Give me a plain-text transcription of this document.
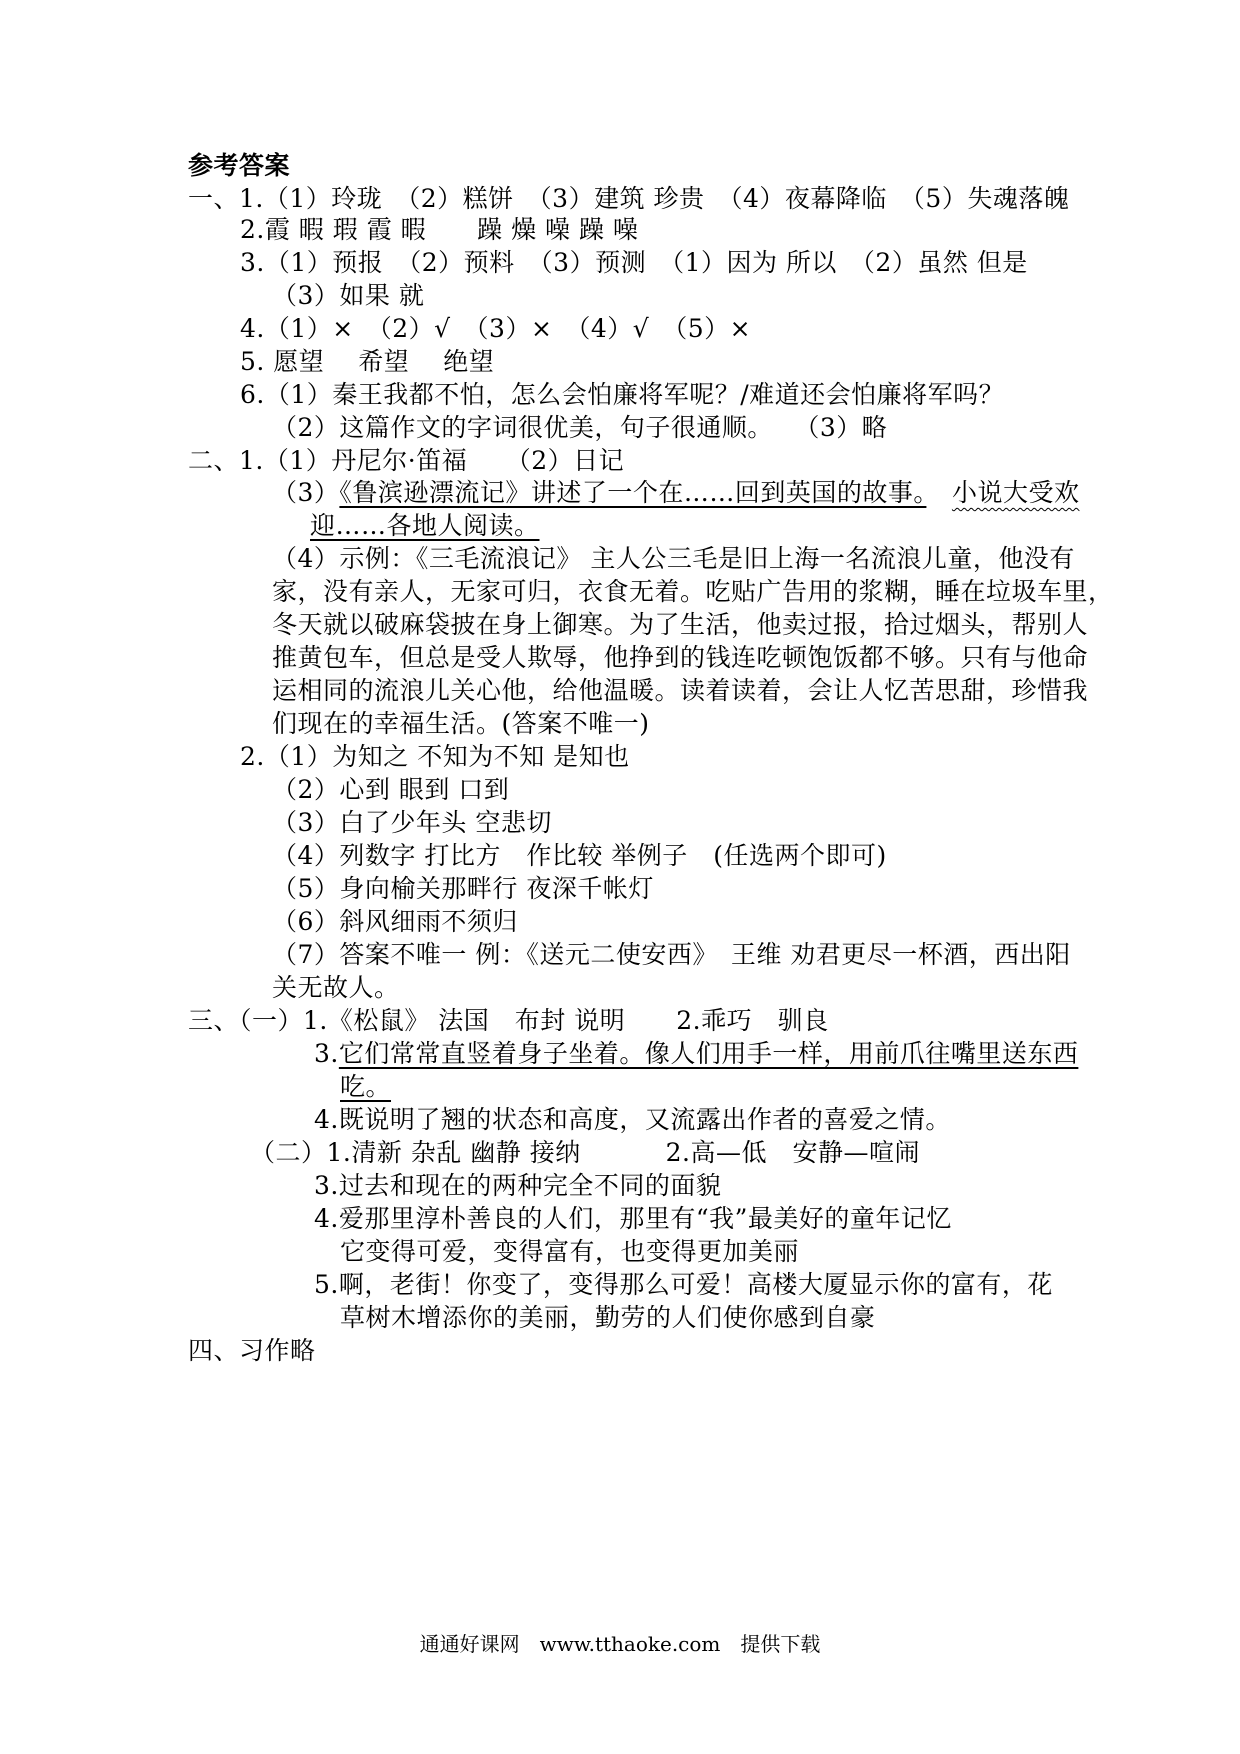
参考答案
一、1.（1）玲珑　（2）糕饼　（3）建筑 珍贵　（4）夜幕降临　（5）失魂落魄
2.霞 暇 瑕 霞 暇　　躁 燥 噪 躁 噪
3.（1）预报　（2）预料　（3）预测　（1）因为 所以　（2）虽然 但是
（3）如果 就
4.（1）×　（2）√　（3）×　（4）√　（5）×
5. 愿望　 希望　 绝望
6.（1）秦王我都不怕，怎么会怕廉将军呢？/难道还会怕廉将军吗？
（2）这篇作文的字词很优美，句子很通顺。　 （3）略
二、1.（1）丹尼尔·笛福　　（2）日记
（3）《鲁滨逊漂流记》讲述了一个在……回到英国的故事。　 小说大受欢
迎……各地人阅读。
（4）示例：《三毛流浪记》 主人公三毛是旧上海一名流浪儿童，他没有
家，没有亲人，无家可归，衣食无着。吃贴广告用的浆糊，睡在垃圾车里，
冬天就以破麻袋披在身上御寒。为了生活，他卖过报，拾过烟头，帮别人
推黄包车，但总是受人欺辱，他挣到的钱连吃顿饱饭都不够。只有与他命
运相同的流浪儿关心他，给他温暖。读着读着，会让人忆苦思甜，珍惜我
们现在的幸福生活。(答案不唯一)
2.（1）为知之 不知为不知 是知也
（2）心到 眼到 口到
（3）白了少年头 空悲切
（4）列数字 打比方　作比较 举例子　(任选两个即可)
（5）身向榆关那畔行 夜深千帐灯
（6）斜风细雨不须归
（7）答案不唯一 例：《送元二使安西》　王维 劝君更尽一杯酒，西出阳
关无故人。
三、（一）1.《松鼠》 法国　布封 说明　　2.乖巧　驯良
3.它们常常直竖着身子坐着。像人们用手一样，用前爪往嘴里送东西
吃。
4.既说明了翘的状态和高度，又流露出作者的喜爱之情。
（二）1.清新 杂乱 幽静 接纳　　　 2.高—低　安静—喧闹
3.过去和现在的两种完全不同的面貌
4.爱那里淳朴善良的人们，那里有“我”最美好的童年记忆
它变得可爱，变得富有，也变得更加美丽
5.啊，老街！你变了，变得那么可爱！高楼大厦显示你的富有，花
草树木增添你的美丽，勤劳的人们使你感到自豪
四、习作略
通通好课网　www.tthaoke.com　提供下载
